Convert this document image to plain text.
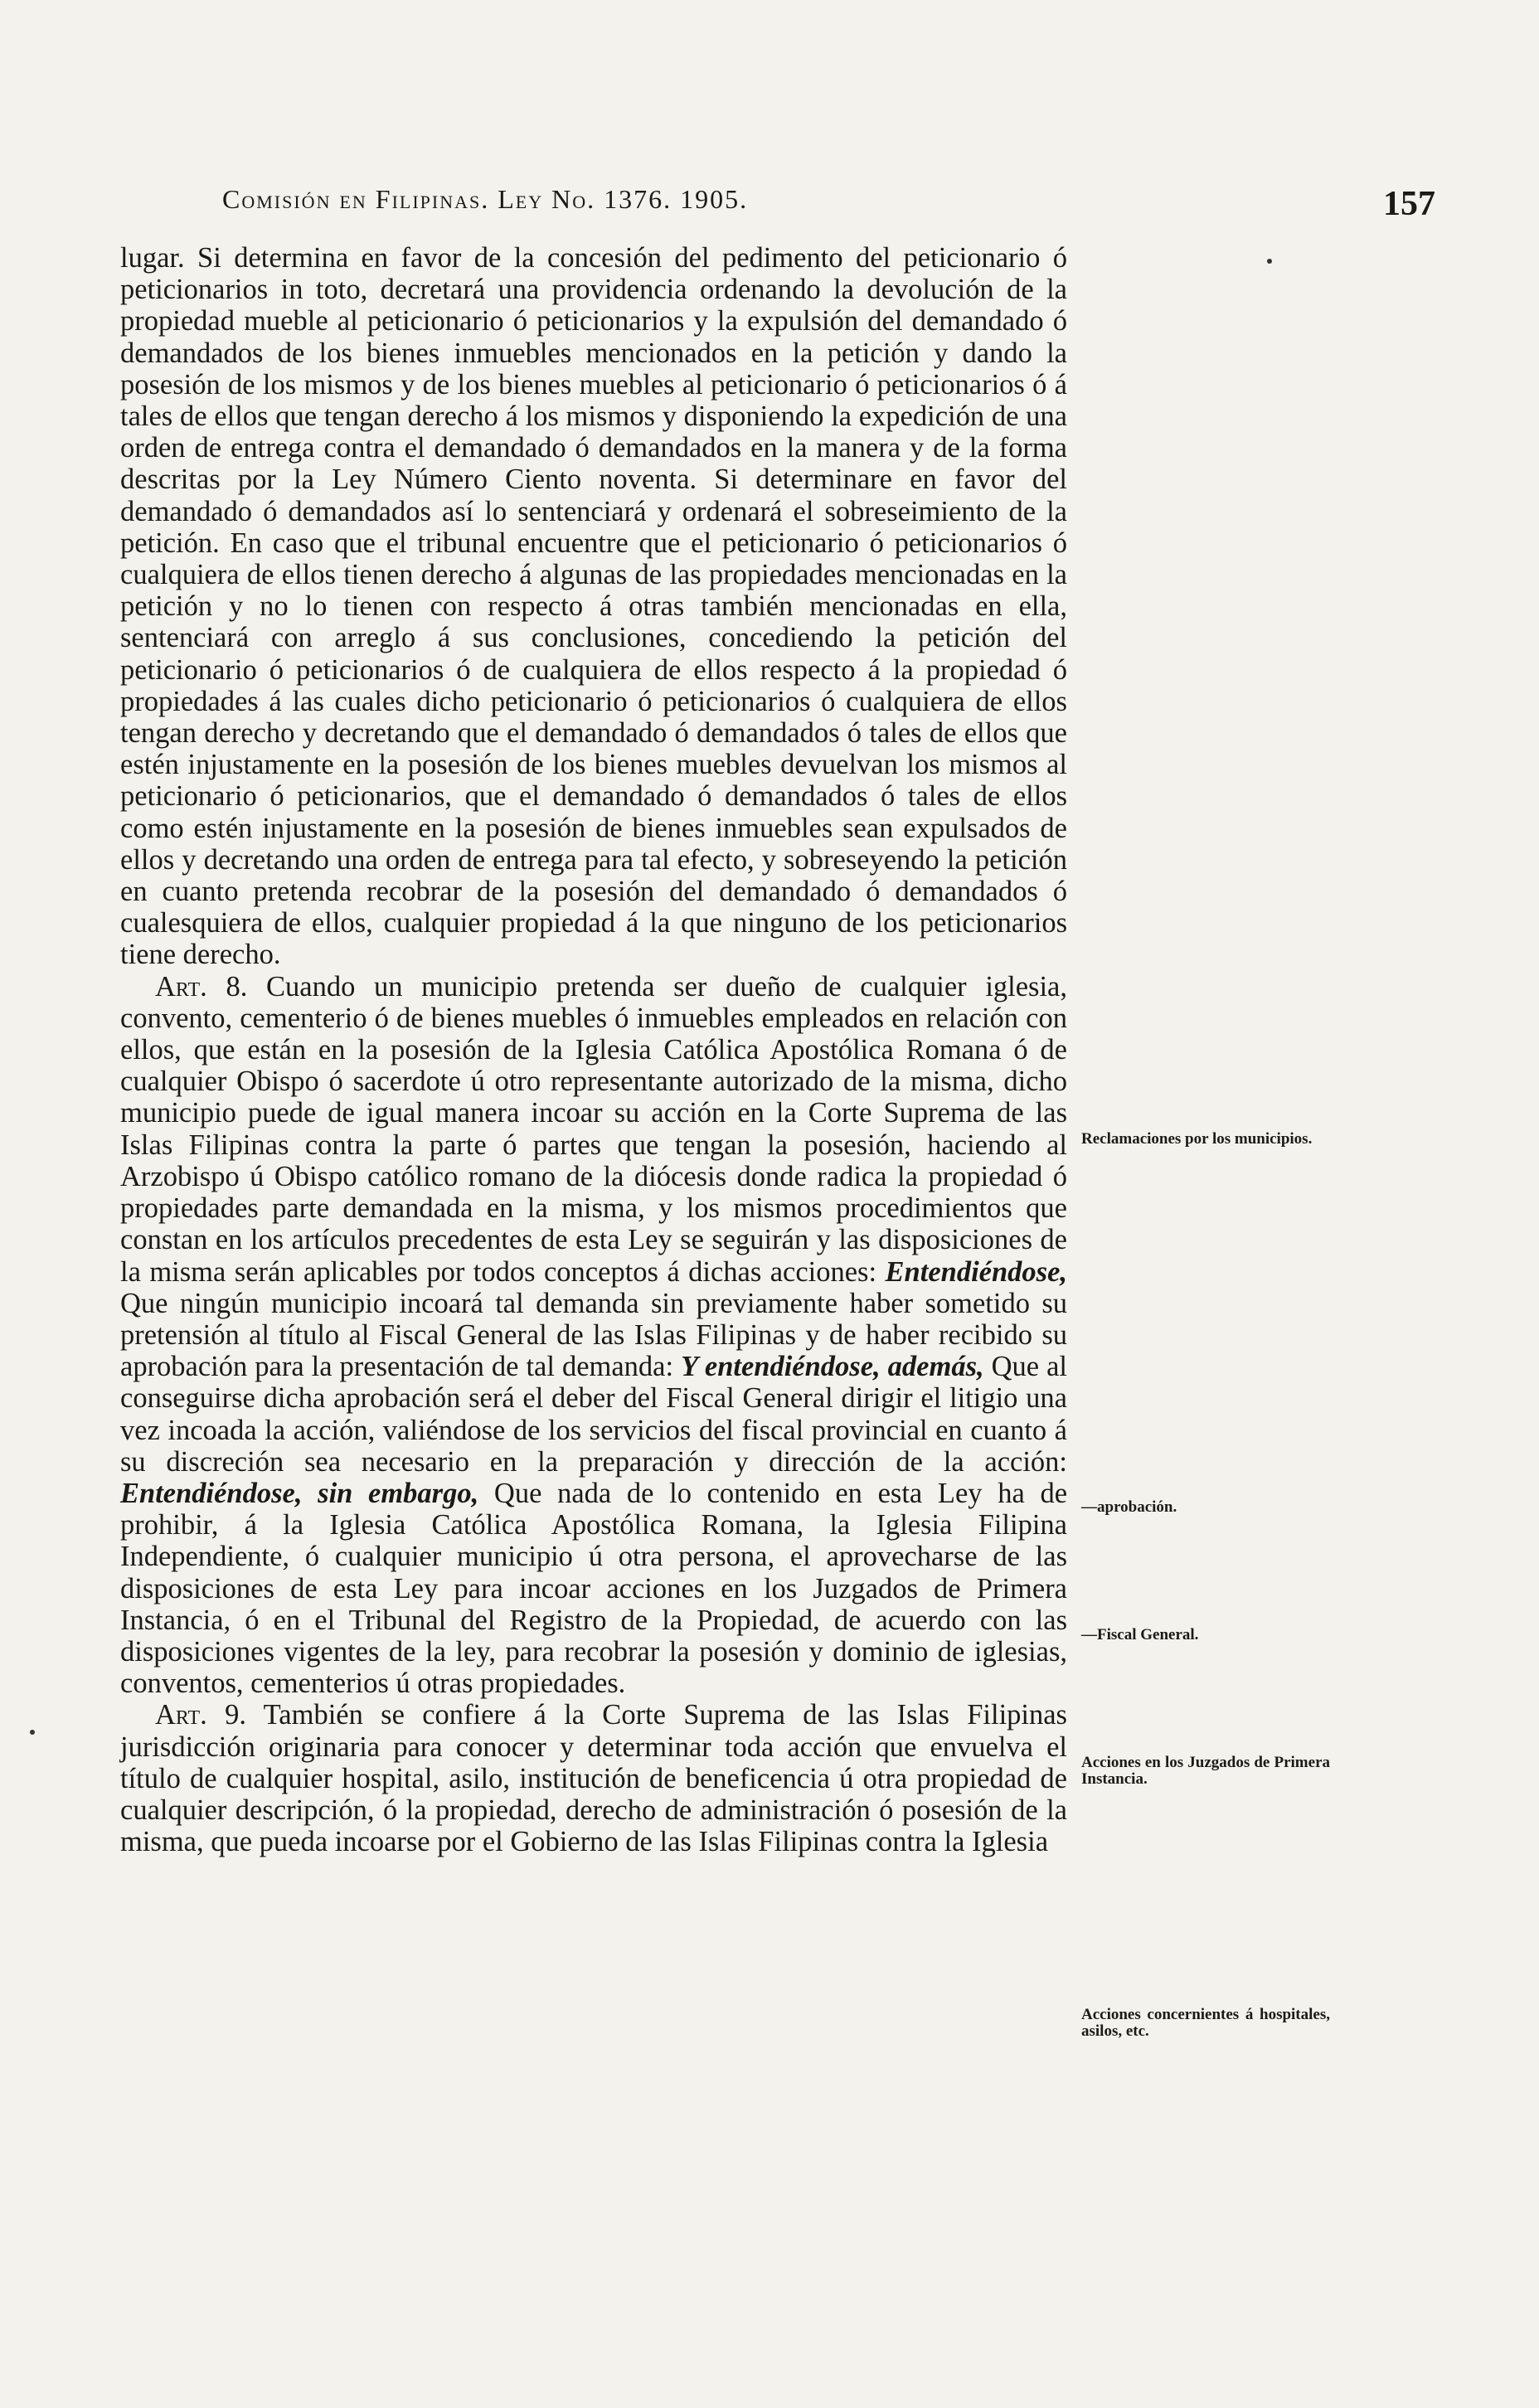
Comisión en Filipinas. Ley No. 1376. 1905.	157

lugar. Si determina en favor de la concesión del pedimento del peticionario ó peticionarios in toto, decretará una providencia ordenando la devolución de la propiedad mueble al peticionario ó peticionarios y la expulsión del demandado ó demandados de los bienes inmuebles mencionados en la petición y dando la posesión de los mismos y de los bienes muebles al peticionario ó peticionarios ó á tales de ellos que tengan derecho á los mismos y disponiendo la expedición de una orden de entrega contra el demandado ó demandados en la manera y de la forma descritas por la Ley Número Ciento noventa. Si determinare en favor del demandado ó demandados así lo sentenciará y ordenará el sobreseimiento de la petición. En caso que el tribunal encuentre que el peticionario ó peticionarios ó cualquiera de ellos tienen derecho á algunas de las propiedades mencionadas en la petición y no lo tienen con respecto á otras también mencionadas en ella, sentenciará con arreglo á sus conclusiones, concediendo la petición del peticionario ó peticionarios ó de cualquiera de ellos respecto á la propiedad ó propiedades á las cuales dicho peticionario ó peticionarios ó cualquiera de ellos tengan derecho y decretando que el demandado ó demandados ó tales de ellos que estén injustamente en la posesión de los bienes muebles devuelvan los mismos al peticionario ó peticionarios, que el demandado ó demandados ó tales de ellos como estén injustamente en la posesión de bienes inmuebles sean expulsados de ellos y decretando una orden de entrega para tal efecto, y sobreseyendo la petición en cuanto pretenda recobrar de la posesión del demandado ó demandados ó cualesquiera de ellos, cualquier propiedad á la que ninguno de los peticionarios tiene derecho.

Art. 8. Cuando un municipio pretenda ser dueño de cualquier iglesia, convento, cementerio ó de bienes muebles ó inmuebles empleados en relación con ellos, que están en la posesión de la Iglesia Católica Apostólica Romana ó de cualquier Obispo ó sacerdote ú otro representante autorizado de la misma, dicho municipio puede de igual manera incoar su acción en la Corte Suprema de las Islas Filipinas contra la parte ó partes que tengan la posesión, haciendo al Arzobispo ú Obispo católico romano de la diócesis donde radica la propiedad ó propiedades parte demandada en la misma, y los mismos procedimientos que constan en los artículos precedentes de esta Ley se seguirán y las disposiciones de la misma serán aplicables por todos conceptos á dichas acciones: Entendiéndose, Que ningún municipio incoará tal demanda sin previamente haber sometido su pretensión al título al Fiscal General de las Islas Filipinas y de haber recibido su aprobación para la presentación de tal demanda: Y entendiéndose, además, Que al conseguirse dicha aprobación será el deber del Fiscal General dirigir el litigio una vez incoada la acción, valiéndose de los servicios del fiscal provincial en cuanto á su discreción sea necesario en la preparación y dirección de la acción: Entendiéndose, sin embargo, Que nada de lo contenido en esta Ley ha de prohibir, á la Iglesia Católica Apostólica Romana, la Iglesia Filipina Independiente, ó cualquier municipio ú otra persona, el aprovecharse de las disposiciones de esta Ley para incoar acciones en los Juzgados de Primera Instancia, ó en el Tribunal del Registro de la Propiedad, de acuerdo con las disposiciones vigentes de la ley, para recobrar la posesión y dominio de iglesias, conventos, cementerios ú otras propiedades.

Art. 9. También se confiere á la Corte Suprema de las Islas Filipinas jurisdicción originaria para conocer y determinar toda acción que envuelva el título de cualquier hospital, asilo, institución de beneficencia ú otra propiedad de cualquier descripción, ó la propiedad, derecho de administración ó posesión de la misma, que pueda incoarse por el Gobierno de las Islas Filipinas contra la Iglesia

Reclamaciones por los municipios.
—aprobación.
—Fiscal General.
Acciones en los Juzgados de Primera Instancia.
Acciones concernientes á hospitales, asilos, etc.
